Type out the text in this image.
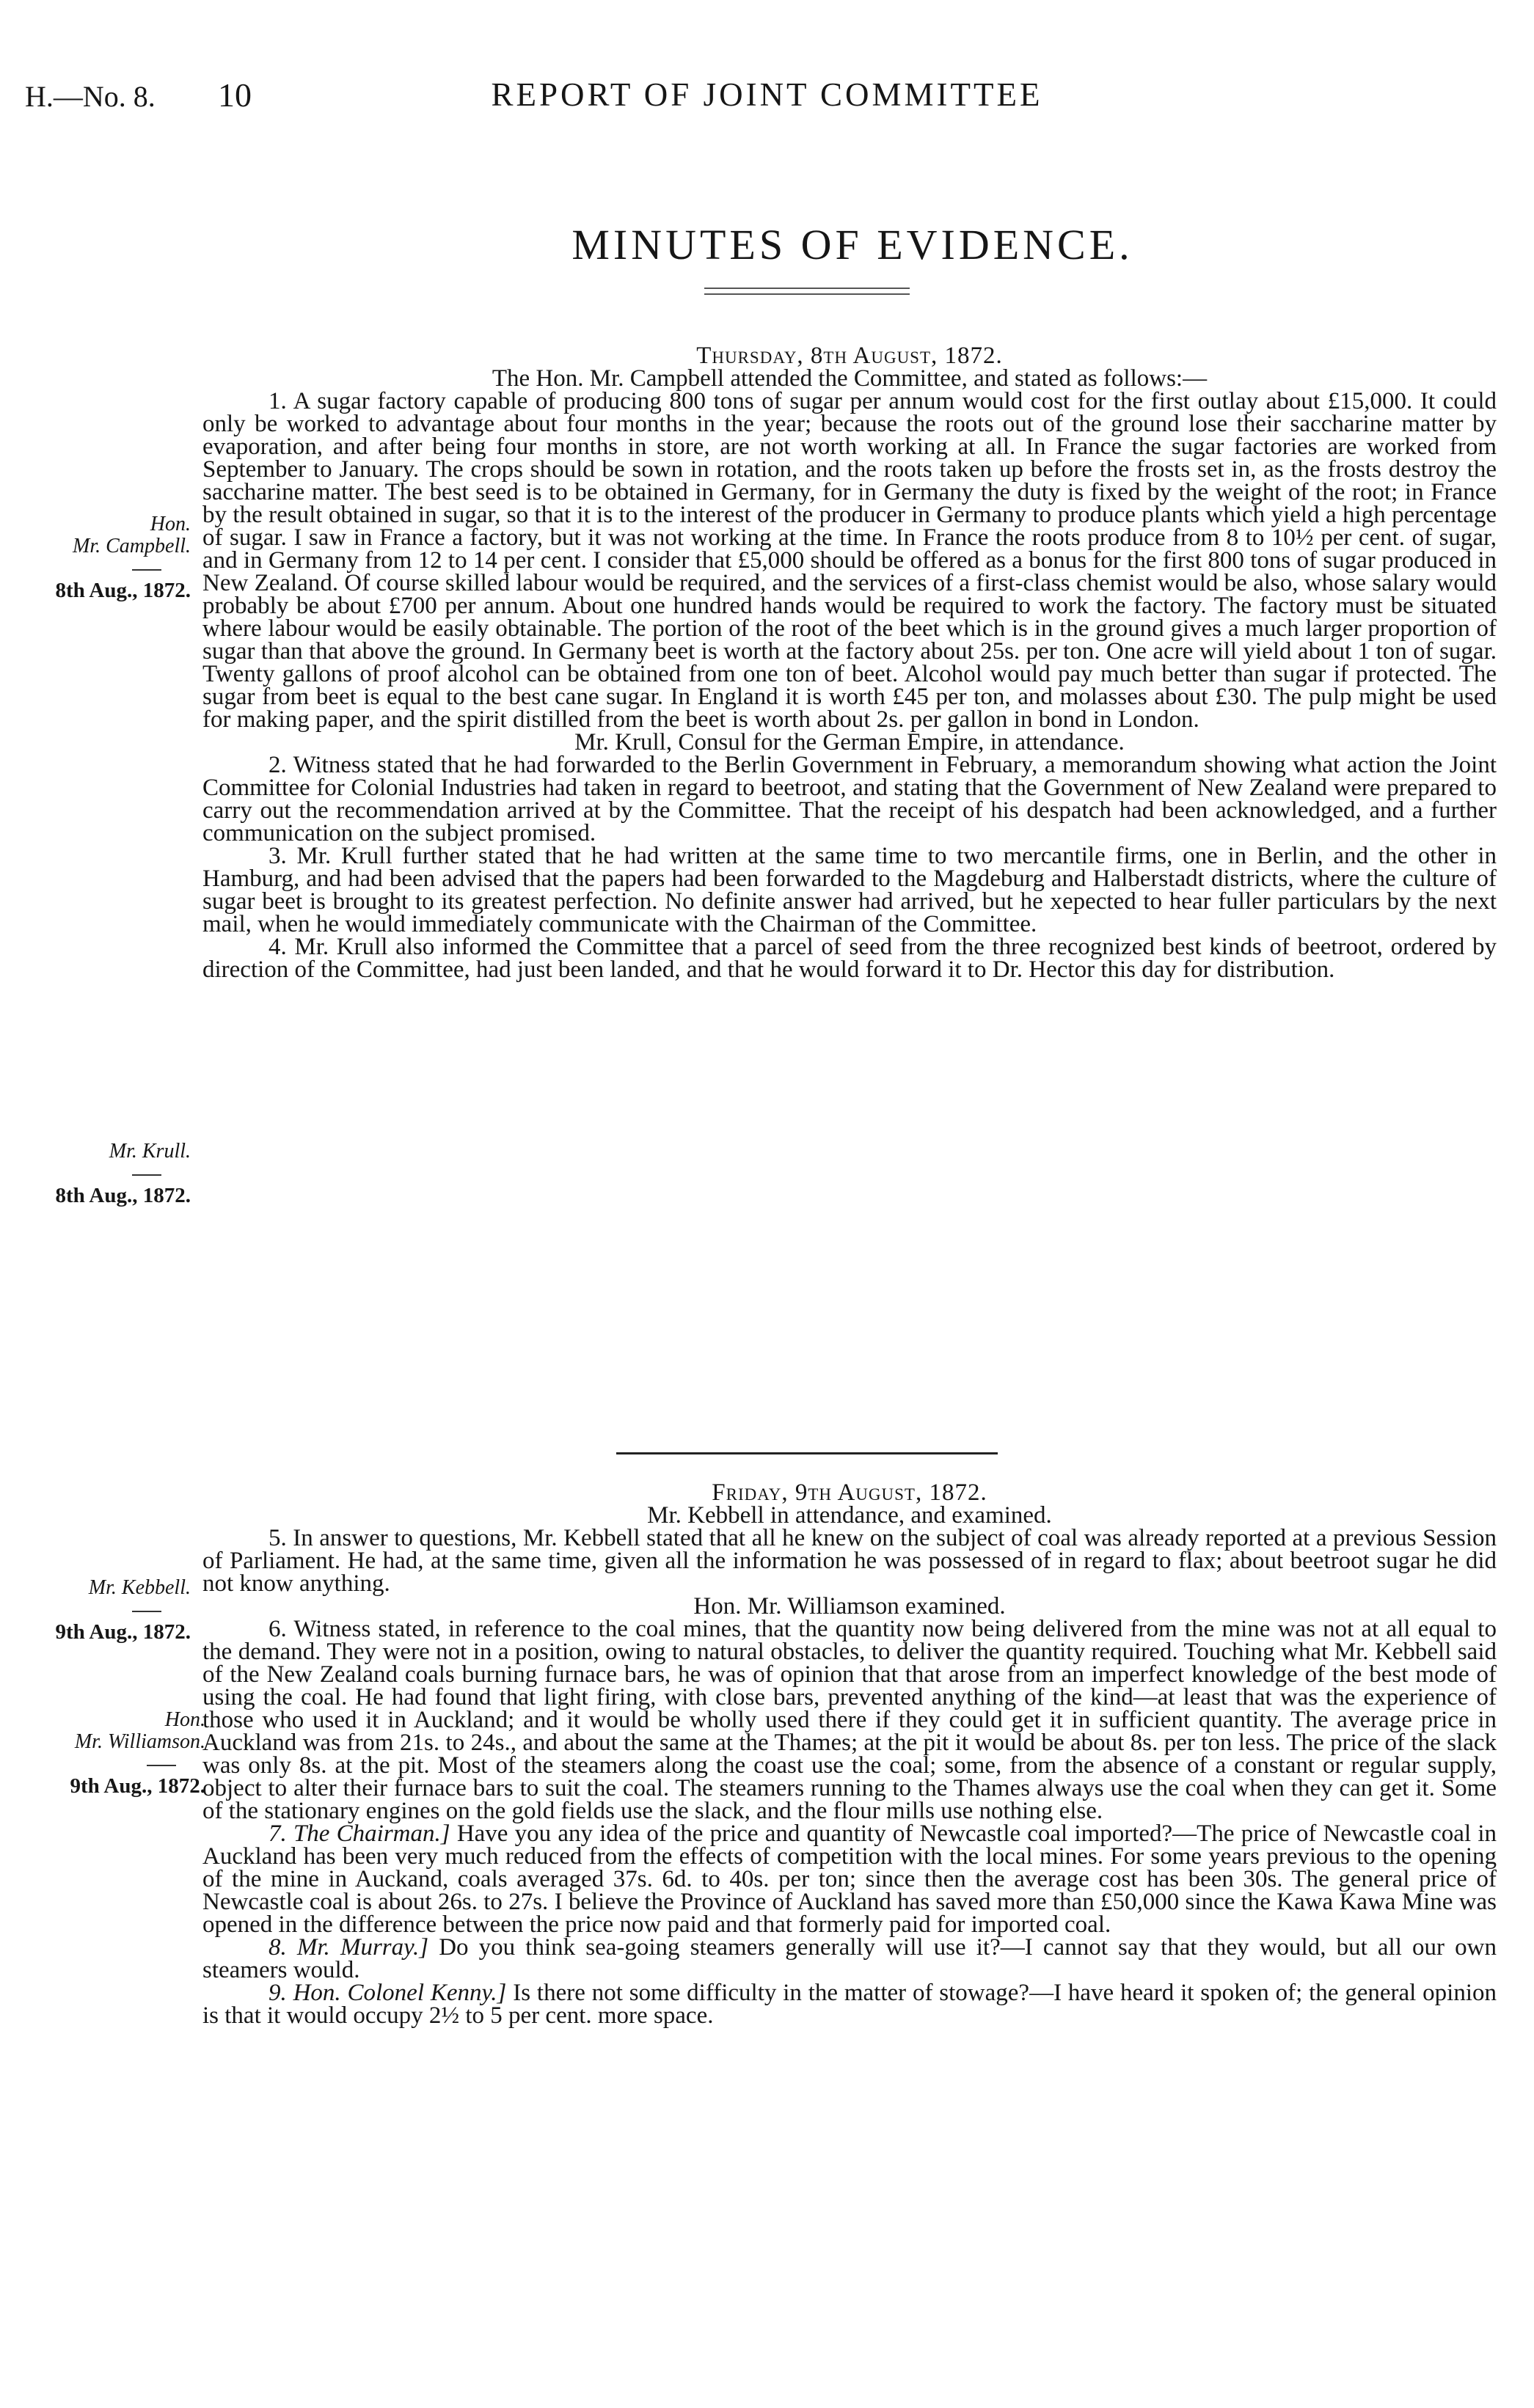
H.—No. 8. 10	REPORT OF JOINT COMMITTEE
MINUTES OF EVIDENCE.

Thursday, 8th August, 1872.

The Hon. Mr. Campbell attended the Committee, and stated as follows:—

1. A sugar factory capable of producing 800 tons of sugar per annum would cost for the first outlay about £15,000. It could only be worked to advantage about four months in the year; because the roots out of the ground lose their saccharine matter by evaporation, and after being four months in store, are not worth working at all. In France the sugar factories are worked from September to January. The crops should be sown in rotation, and the roots taken up before the frosts set in, as the frosts destroy the saccharine matter. The best seed is to be obtained in Germany, for in Germany the duty is fixed by the weight of the root; in France by the result obtained in sugar, so that it is to the interest of the producer in Germany to produce plants which yield a high percentage of sugar. I saw in France a factory, but it was not working at the time. In France the roots produce from 8 to 10½ per cent. of sugar, and in Germany from 12 to 14 per cent. I consider that £5,000 should be offered as a bonus for the first 800 tons of sugar produced in New Zealand. Of course skilled labour would be required, and the services of a first-class chemist would be also, whose salary would probably be about £700 per annum. About one hundred hands would be required to work the factory. The factory must be situated where labour would be easily obtainable. The portion of the root of the beet which is in the ground gives a much larger proportion of sugar than that above the ground. In Germany beet is worth at the factory about 25s. per ton. One acre will yield about 1 ton of sugar. Twenty gallons of proof alcohol can be obtained from one ton of beet. Alcohol would pay much better than sugar if protected. The sugar from beet is equal to the best cane sugar. In England it is worth £45 per ton, and molasses about £30. The pulp might be used for making paper, and the spirit distilled from the beet is worth about 2s. per gallon in bond in London.

Mr. Krull, Consul for the German Empire, in attendance.

2. Witness stated that he had forwarded to the Berlin Government in February, a memorandum showing what action the Joint Committee for Colonial Industries had taken in regard to beetroot, and stating that the Government of New Zealand were prepared to carry out the recommendation arrived at by the Committee. That the receipt of his despatch had been acknowledged, and a further communication on the subject promised.

3. Mr. Krull further stated that he had written at the same time to two mercantile firms, one in Berlin, and the other in Hamburg, and had been advised that the papers had been forwarded to the Magdeburg and Halberstadt districts, where the culture of sugar beet is brought to its greatest perfection. No definite answer had arrived, but he xepected to hear fuller particulars by the next mail, when he would immediately communicate with the Chairman of the Committee.

4. Mr. Krull also informed the Committee that a parcel of seed from the three recognized best kinds of beetroot, ordered by direction of the Committee, had just been landed, and that he would forward it to Dr. Hector this day for distribution.

Friday, 9th August, 1872.

Mr. Kebbell in attendance, and examined.

5. In answer to questions, Mr. Kebbell stated that all he knew on the subject of coal was already reported at a previous Session of Parliament. He had, at the same time, given all the information he was possessed of in regard to flax; about beetroot sugar he did not know anything.

Hon. Mr. Williamson examined.

6. Witness stated, in reference to the coal mines, that the quantity now being delivered from the mine was not at all equal to the demand. They were not in a position, owing to natural obstacles, to deliver the quantity required. Touching what Mr. Kebbell said of the New Zealand coals burning furnace bars, he was of opinion that that arose from an imperfect knowledge of the best mode of using the coal. He had found that light firing, with close bars, prevented anything of the kind—at least that was the experience of those who used it in Auckland; and it would be wholly used there if they could get it in sufficient quantity. The average price in Auckland was from 21s. to 24s., and about the same at the Thames; at the pit it would be about 8s. per ton less. The price of the slack was only 8s. at the pit. Most of the steamers along the coast use the coal; some, from the absence of a constant or regular supply, object to alter their furnace bars to suit the coal. The steamers running to the Thames always use the coal when they can get it. Some of the stationary engines on the gold fields use the slack, and the flour mills use nothing else.

7. The Chairman.] Have you any idea of the price and quantity of Newcastle coal imported?—The price of Newcastle coal in Auckland has been very much reduced from the effects of competition with the local mines. For some years previous to the opening of the mine in Auckand, coals averaged 37s. 6d. to 40s. per ton; since then the average cost has been 30s. The general price of Newcastle coal is about 26s. to 27s. I believe the Province of Auckland has saved more than £50,000 since the Kawa Kawa Mine was opened in the difference between the price now paid and that formerly paid for imported coal.

8. Mr. Murray.] Do you think sea-going steamers generally will use it?—I cannot say that they would, but all our own steamers would.

9. Hon. Colonel Kenny.] Is there not some difficulty in the matter of stowage?—I have heard it spoken of; the general opinion is that it would occupy 2½ to 5 per cent. more space.

Hon.
Mr. Campbell.
8th Aug., 1872.
Mr. Krull.
8th Aug., 1872.
Mr. Kebbell.
9th Aug., 1872.
Hon.
Mr. Williamson.
9th Aug., 1872.
